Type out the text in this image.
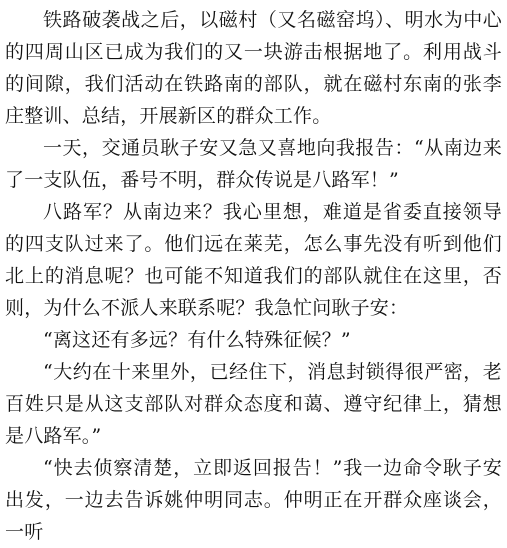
铁路破袭战之后，以磁村（又名磁窑坞）、明水为中心的四周山区已成为我们的又一块游击根据地了。利用战斗的间隙，我们活动在铁路南的部队，就在磁村东南的张李庄整训、总结，开展新区的群众工作。

一天，交通员耿子安又急又喜地向我报告：“从南边来了一支队伍，番号不明，群众传说是八路军！”

八路军？从南边来？我心里想，难道是省委直接领导的四支队过来了。他们远在莱芜，怎么事先没有听到他们北上的消息呢？也可能不知道我们的部队就住在这里，否则，为什么不派人来联系呢？我急忙问耿子安：

“离这还有多远？有什么特殊征候？”

“大约在十来里外，已经住下，消息封锁得很严密，老百姓只是从这支部队对群众态度和蔼、遵守纪律上，猜想是八路军。”

“快去侦察清楚，立即返回报告！”我一边命令耿子安出发，一边去告诉姚仲明同志。仲明正在开群众座谈会，一听
